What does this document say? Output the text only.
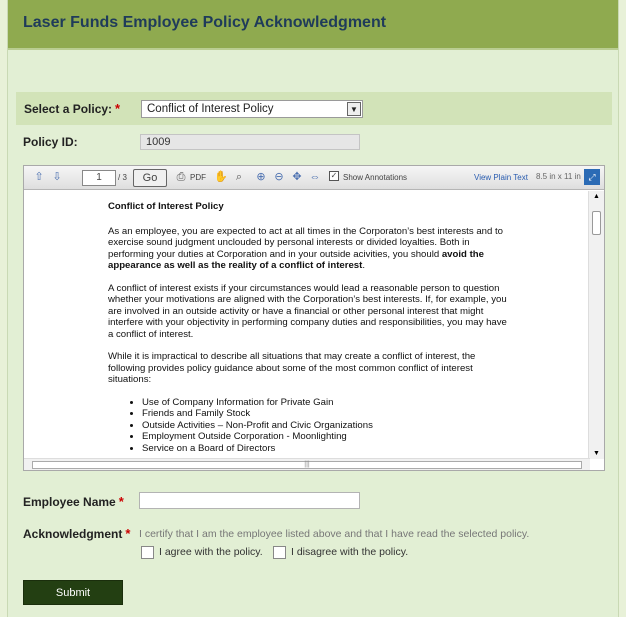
Laser Funds Employee Policy Acknowledgment
Select a Policy: *	Conflict of Interest Policy	▼
Policy ID:	1009
⇧ ⇩	1	/ 3	Go	⎙ PDF ✋ ⌕	⊕ ⊖ ✥ ⇔ ✓ Show Annotations	View Plain Text 8.5 in x 11 in ⤢

Conflict of Interest Policy

As an employee, you are expected to act at all times in the Corporaton’s best interests and to exercise sound judgment unclouded by personal interests or divided loyalties. Both in performing your duties at Corporation and in your outside acivities, you should avoid the appearance as well as the reality of a conflict of interest.

A conflict of interest exists if your circumstances would lead a reasonable person to question whether your motivations are aligned with the Corporation’s best interests. If, for example, you are involved in an outside activity or have a financial or other personal interest that might interfere with your objectivity in performing company duties and responsibilities, you may have a conflict of interest.

While it is impractical to describe all situations that may create a conflict of interest, the following provides policy guidance about some of the most common conflict of interest situations:

• Use of Company Information for Private Gain
• Friends and Family Stock
• Outside Activities – Non-Profit and Civic Organizations
• Employment Outside Corporation - Moonlighting
• Service on a Board of Directors
▲
▼
|||
Employee Name *
Acknowledgment * I certify that I am the employee listed above and that I have read the selected policy.
I agree with the policy.	I disagree with the policy.
Submit
